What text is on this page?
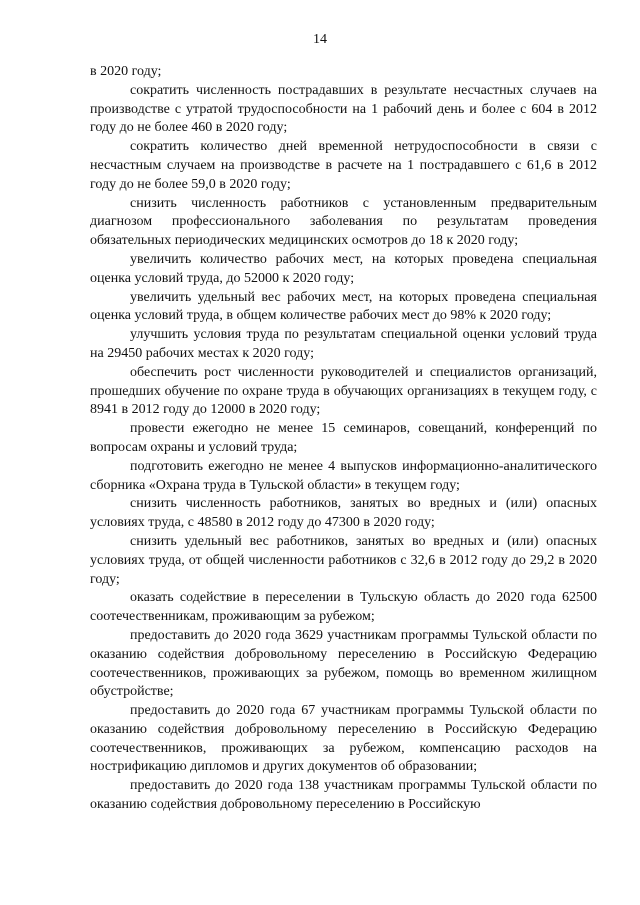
14

в 2020 году;

сократить численность пострадавших в результате несчастных случаев на производстве с утратой трудоспособности на 1 рабочий день и более с 604 в 2012 году до не более 460 в 2020 году;

сократить количество дней временной нетрудоспособности в связи с несчастным случаем на производстве в расчете на 1 пострадавшего с 61,6 в 2012 году до не более 59,0 в 2020 году;

снизить численность работников с установленным предварительным диагнозом профессионального заболевания по результатам проведения обязательных периодических медицинских осмотров до 18 к 2020 году;

увеличить количество рабочих мест, на которых проведена специальная оценка условий труда, до 52000 к 2020 году;

увеличить удельный вес рабочих мест, на которых проведена специальная оценка условий труда, в общем количестве рабочих мест до 98% к 2020 году;

улучшить условия труда по результатам специальной оценки условий труда на 29450 рабочих местах к 2020 году;

обеспечить рост численности руководителей и специалистов организаций, прошедших обучение по охране труда в обучающих организациях в текущем году, с 8941 в 2012 году до 12000 в 2020 году;

провести ежегодно не менее 15 семинаров, совещаний, конференций по вопросам охраны и условий труда;

подготовить ежегодно не менее 4 выпусков информационно-аналитического сборника «Охрана труда в Тульской области» в текущем году;

снизить численность работников, занятых во вредных и (или) опасных условиях труда, с 48580 в 2012 году до 47300 в 2020 году;

снизить удельный вес работников, занятых во вредных и (или) опасных условиях труда, от общей численности работников с 32,6 в 2012 году до 29,2 в 2020 году;

оказать содействие в переселении в Тульскую область до 2020 года 62500 соотечественникам, проживающим за рубежом;

предоставить до 2020 года 3629 участникам программы Тульской области по оказанию содействия добровольному переселению в Российскую Федерацию соотечественников, проживающих за рубежом, помощь во временном жилищном обустройстве;

предоставить до 2020 года 67 участникам программы Тульской области по оказанию содействия добровольному переселению в Российскую Федерацию соотечественников, проживающих за рубежом, компенсацию расходов на нострификацию дипломов и других документов об образовании;

предоставить до 2020 года 138 участникам программы Тульской области по оказанию содействия добровольному переселению в Российскую
